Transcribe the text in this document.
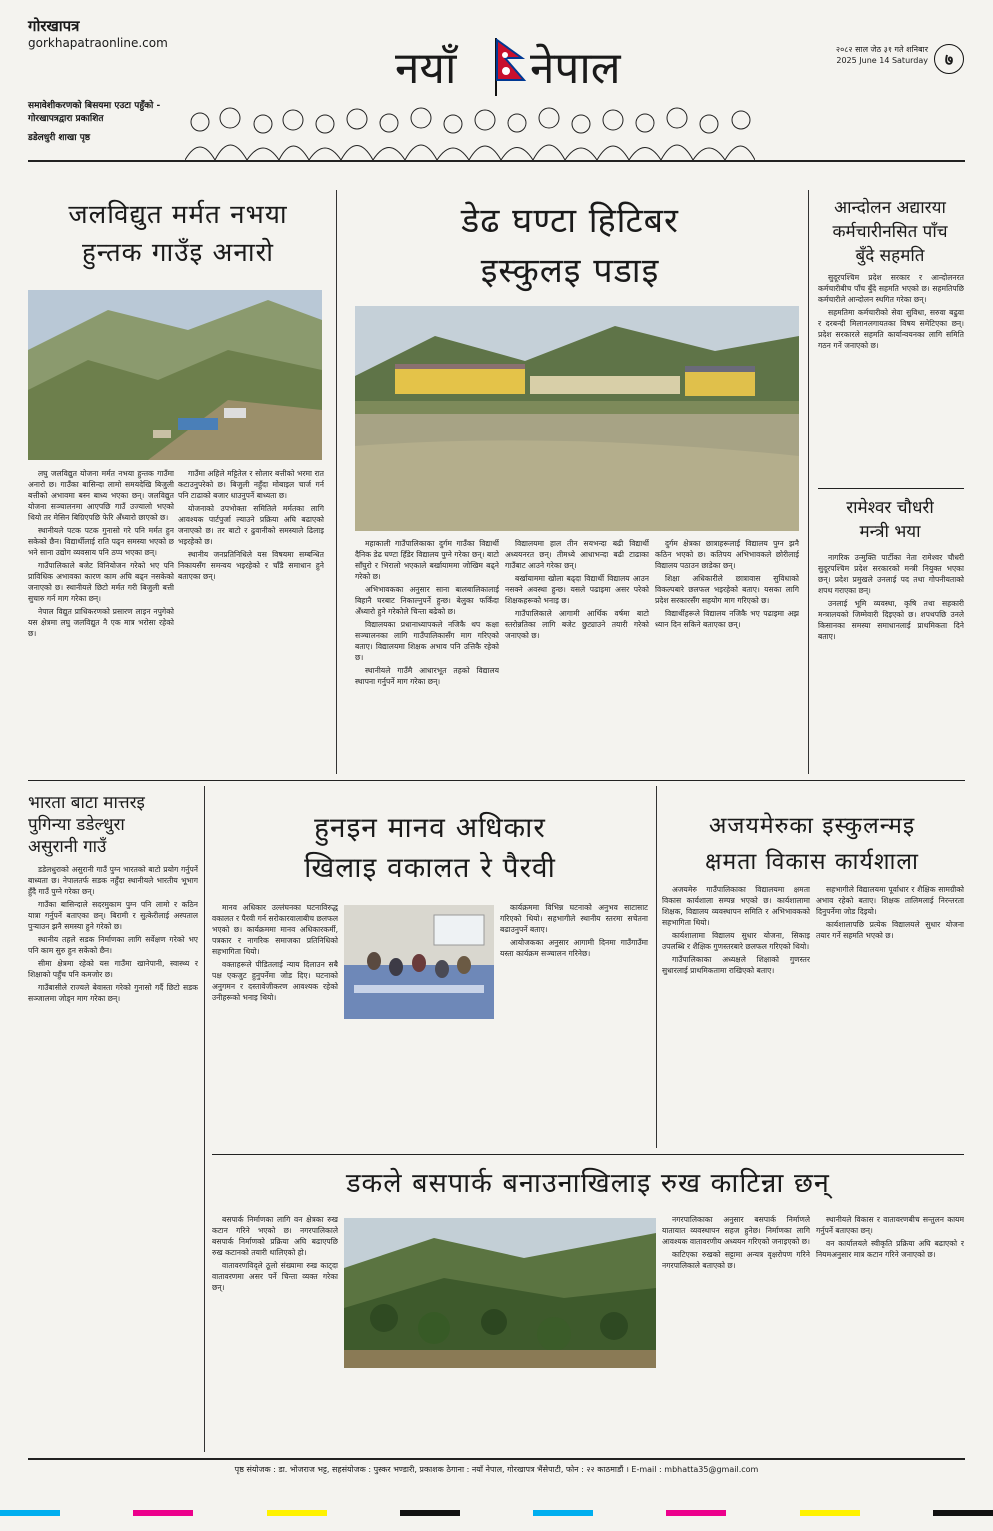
गोरखापत्र
gorkhapatraonline.com
समावेशीकरणको बिसयमा एउटा पहुँको - गोरखापत्रद्वारा प्रकाशित
डडेलधुरी शाखा पृष्ठ
नयाँ नेपाल	२०८२ साल जेठ ३१ गते शनिबार
2025 June 14 Saturday	७
जलविद्युत मर्मत नभया
हुन्तक गाउँइ अनारो

लघु जलविद्युत योजना मर्मत नभया हुन्तक गाउँमा अनारो छ। गाउँका बासिन्दा लामो समयदेखि बिजुली बत्तीको अभावमा बस्न बाध्य भएका छन्। जलविद्युत योजना सञ्चालनमा आएपछि गाउँ उज्यालो भएको थियो तर मेसिन बिग्रिएपछि फेरि अँध्यारो छाएको छ।

स्थानीयले पटक पटक गुनासो गरे पनि मर्मत हुन सकेको छैन। विद्यार्थीलाई राति पढ्न समस्या भएको छ भने साना उद्योग व्यवसाय पनि ठप्प भएका छन्।

गाउँपालिकाले बजेट विनियोजन गरेको भए पनि प्राविधिक अभावका कारण काम अघि बढ्न नसकेको जनाएको छ। स्थानीयले छिटो मर्मत गरी बिजुली बत्ती सुचारु गर्न माग गरेका छन्।

नेपाल विद्युत प्राधिकरणको प्रसारण लाइन नपुगेको यस क्षेत्रमा लघु जलविद्युत नै एक मात्र भरोसा रहेको छ।

गाउँमा अहिले मट्टितेल र सोलार बत्तीको भरमा रात कटाउनुपरेको छ। बिजुली नहुँदा मोबाइल चार्ज गर्न पनि टाढाको बजार धाउनुपर्ने बाध्यता छ।

योजनाको उपभोक्ता समितिले मर्मतका लागि आवश्यक पार्टपुर्जा ल्याउने प्रक्रिया अघि बढाएको जनाएको छ। तर बाटो र ढुवानीको समस्याले ढिलाइ भइरहेको छ।

स्थानीय जनप्रतिनिधिले यस विषयमा सम्बन्धित निकायसँग समन्वय भइरहेको र चाँडै समाधान हुने बताएका छन्।

डेढ घण्टा हिटिबर
इस्कुलइ पडाइ

महाकाली गाउँपालिकाका दुर्गम गाउँका विद्यार्थी दैनिक डेढ घण्टा हिँडेर विद्यालय पुग्ने गरेका छन्। बाटो साँघुरो र भिरालो भएकाले बर्खायाममा जोखिम बढ्ने गरेको छ।

अभिभावकका अनुसार साना बालबालिकालाई बिहानै घरबाट निकाल्नुपर्ने हुन्छ। बेलुका फर्किंदा अँध्यारो हुने गरेकोले चिन्ता बढेको छ।

विद्यालयका प्रधानाध्यापकले नजिकै थप कक्षा सञ्चालनका लागि गाउँपालिकासँग माग गरिएको बताए। विद्यालयमा शिक्षक अभाव पनि उत्तिकै रहेको छ।

स्थानीयले गाउँमै आधारभूत तहको विद्यालय स्थापना गर्नुपर्ने माग गरेका छन्।

विद्यालयमा हाल तीन सयभन्दा बढी विद्यार्थी अध्ययनरत छन्। तीमध्ये आधाभन्दा बढी टाढाका गाउँबाट आउने गरेका छन्।

बर्खायाममा खोला बढ्दा विद्यार्थी विद्यालय आउन नसक्ने अवस्था हुन्छ। यसले पढाइमा असर परेको शिक्षकहरूको भनाइ छ।

गाउँपालिकाले आगामी आर्थिक वर्षमा बाटो स्तरोन्नतिका लागि बजेट छुट्याउने तयारी गरेको जनाएको छ।

दुर्गम क्षेत्रका छात्राहरूलाई विद्यालय पुग्न झनै कठिन भएको छ। कतिपय अभिभावकले छोरीलाई विद्यालय पठाउन छाडेका छन्।

शिक्षा अधिकारीले छात्रावास सुविधाको विकल्पबारे छलफल भइरहेको बताए। यसका लागि प्रदेश सरकारसँग सहयोग माग गरिएको छ।

विद्यार्थीहरूले विद्यालय नजिकै भए पढाइमा अझ ध्यान दिन सकिने बताएका छन्।

आन्दोलन अद्यारया
कर्मचारीनसित पाँच
बुँदे सहमति

सुदूरपश्चिम प्रदेश सरकार र आन्दोलनरत कर्मचारीबीच पाँच बुँदे सहमति भएको छ। सहमतिपछि कर्मचारीले आन्दोलन स्थगित गरेका छन्।

सहमतिमा कर्मचारीको सेवा सुविधा, सरुवा बढुवा र दरबन्दी मिलानलगायतका विषय समेटिएका छन्। प्रदेश सरकारले सहमति कार्यान्वयनका लागि समिति गठन गर्ने जनाएको छ।

रामेश्वर चौधरी
मन्त्री भया

नागरिक उन्मुक्ति पार्टीका नेता रामेश्वर चौधरी सुदूरपश्चिम प्रदेश सरकारको मन्त्री नियुक्त भएका छन्। प्रदेश प्रमुखले उनलाई पद तथा गोपनीयताको शपथ गराएका छन्।

उनलाई भूमि व्यवस्था, कृषि तथा सहकारी मन्त्रालयको जिम्मेवारी दिइएको छ। शपथपछि उनले किसानका समस्या समाधानलाई प्राथमिकता दिने बताए।

भारता बाटा मात्तरइ
पुगिन्या डडेल्धुरा
असुरानी गाउँ

डडेलधुराको असुरानी गाउँ पुग्न भारतको बाटो प्रयोग गर्नुपर्ने बाध्यता छ। नेपालतर्फ सडक नहुँदा स्थानीयले भारतीय भूभाग हुँदै गाउँ पुग्ने गरेका छन्।

गाउँका बासिन्दाले सदरमुकाम पुग्न पनि लामो र कठिन यात्रा गर्नुपर्ने बताएका छन्। बिरामी र सुत्केरीलाई अस्पताल पुर्‍याउन झनै समस्या हुने गरेको छ।

स्थानीय तहले सडक निर्माणका लागि सर्वेक्षण गरेको भए पनि काम सुरु हुन सकेको छैन।

सीमा क्षेत्रमा रहेको यस गाउँमा खानेपानी, स्वास्थ्य र शिक्षाको पहुँच पनि कमजोर छ।

गाउँबासीले राज्यले बेवास्ता गरेको गुनासो गर्दै छिटो सडक सञ्जालमा जोड्न माग गरेका छन्।

हुनइन मानव अधिकार
खिलाइ वकालत रे पैरवी

मानव अधिकार उल्लंघनका घटनाविरुद्ध वकालत र पैरवी गर्न सरोकारवालाबीच छलफल भएको छ। कार्यक्रममा मानव अधिकारकर्मी, पत्रकार र नागरिक समाजका प्रतिनिधिको सहभागिता थियो।

वक्ताहरूले पीडितलाई न्याय दिलाउन सबै पक्ष एकजुट हुनुपर्नेमा जोड दिए। घटनाको अनुगमन र दस्तावेजीकरण आवश्यक रहेको उनीहरूको भनाइ थियो।

कार्यक्रममा विभिन्न घटनाको अनुभव साटासाट गरिएको थियो। सहभागीले स्थानीय स्तरमा सचेतना बढाउनुपर्ने बताए।

आयोजकका अनुसार आगामी दिनमा गाउँगाउँमा यस्ता कार्यक्रम सञ्चालन गरिनेछ।

अजयमेरुका इस्कुलन्मइ
क्षमता विकास कार्यशाला

अजयमेरु गाउँपालिकाका विद्यालयमा क्षमता विकास कार्यशाला सम्पन्न भएको छ। कार्यशालामा शिक्षक, विद्यालय व्यवस्थापन समिति र अभिभावकको सहभागिता थियो।

कार्यशालामा विद्यालय सुधार योजना, सिकाइ उपलब्धि र शैक्षिक गुणस्तरबारे छलफल गरिएको थियो।

गाउँपालिकाका अध्यक्षले शिक्षाको गुणस्तर सुधारलाई प्राथमिकतामा राखिएको बताए।

सहभागीले विद्यालयमा पूर्वाधार र शैक्षिक सामग्रीको अभाव रहेको बताए। शिक्षक तालिमलाई निरन्तरता दिनुपर्नेमा जोड दिइयो।

कार्यशालापछि प्रत्येक विद्यालयले सुधार योजना तयार गर्ने सहमति भएको छ।

डकले बसपार्क बनाउनाखिलाइ रुख काटिन्ना छन्

बसपार्क निर्माणका लागि वन क्षेत्रका रुख कटान गरिने भएको छ। नगरपालिकाले बसपार्क निर्माणको प्रक्रिया अघि बढाएपछि रुख कटानको तयारी थालिएको हो।

वातावरणविद्ले ठूलो संख्यामा रुख काट्दा वातावरणमा असर पर्ने चिन्ता व्यक्त गरेका छन्।

नगरपालिकाका अनुसार बसपार्क निर्माणले यातायात व्यवस्थापन सहज हुनेछ। निर्माणका लागि आवश्यक वातावरणीय अध्ययन गरिएको जनाइएको छ।

काटिएका रुखको सट्टामा अन्यत्र वृक्षरोपण गरिने नगरपालिकाले बताएको छ।

स्थानीयले विकास र वातावरणबीच सन्तुलन कायम गर्नुपर्ने बताएका छन्।

वन कार्यालयले स्वीकृति प्रक्रिया अघि बढाएको र नियमअनुसार मात्र कटान गरिने जनाएको छ।

पृष्ठ संयोजक : डा. भोजराज भट्ट, सहसंयोजक : पुस्कर भण्डारी, प्रकाशक ठेगाना : नयाँ नेपाल, गोरखापत्र भैंसेपाटी, फोन : २२ काठमाडौं । E-mail : mbhatta35@gmail.com
